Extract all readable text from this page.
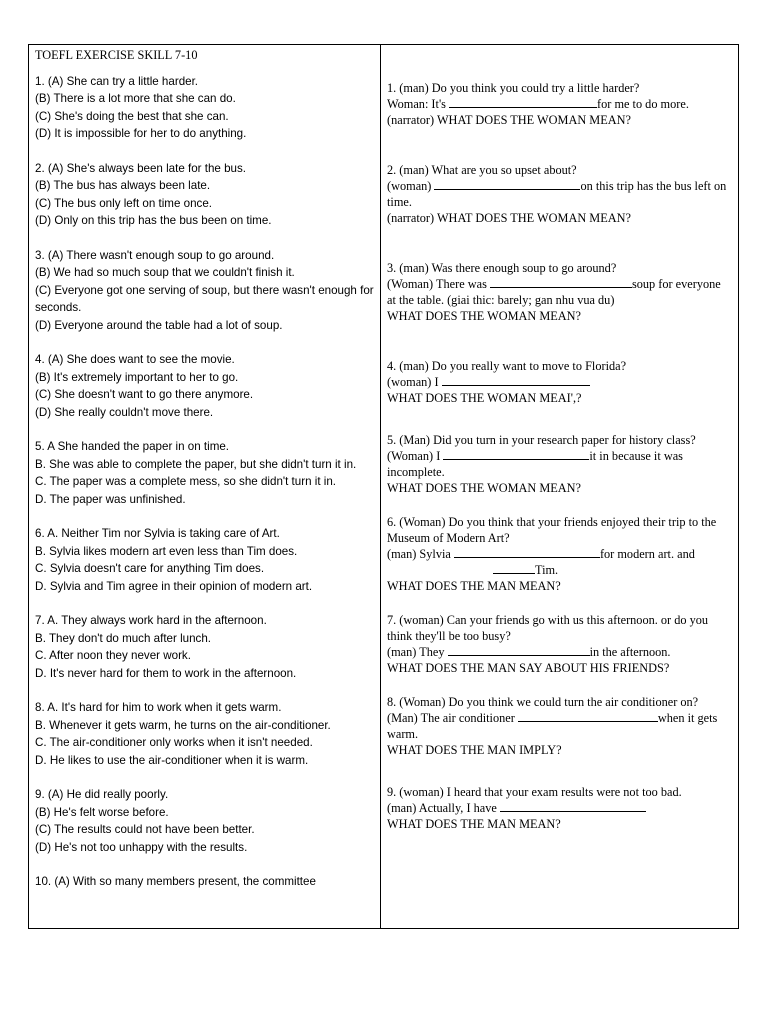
TOEFL EXERCISE SKILL 7-10
1. (A) She can try a little harder.
(B) There is a lot more that she can do.
(C) She's doing the best that she can.
(D) It is impossible for her to do anything.
2. (A) She's always been late for the bus.
(B) The bus has always been late.
(C) The bus only left on time once.
(D) Only on this trip has the bus been on time.
3. (A) There wasn't enough soup to go around.
(B) We had so much soup that we couldn't finish it.
(C) Everyone got one serving of soup, but there wasn't enough for seconds.
(D) Everyone around the table had a lot of soup.
4. (A) She does want to see the movie.
(B) It's extremely important to her to go.
(C) She doesn't want to go there anymore.
(D) She really couldn't move there.
5. A She handed the paper in on time.
B. She was able to complete the paper, but she didn't turn it in.
C. The paper was a complete mess, so she didn't turn it in.
D. The paper was unfinished.
6. A. Neither Tim nor Sylvia is taking care of Art.
B. Sylvia likes modern art even less than Tim does.
C. Sylvia doesn't care for anything Tim does.
D. Sylvia and Tim agree in their opinion of modern art.
7. A. They always work hard in the afternoon.
B. They don't do much after lunch.
C. After noon they never work.
D. It's never hard for them to work in the afternoon.
8. A. It's hard for him to work when it gets warm.
B. Whenever it gets warm, he turns on the air-conditioner.
C. The air-conditioner only works when it isn't needed.
D. He likes to use the air-conditioner when it is warm.
9. (A) He did really poorly.
(B) He's felt worse before.
(C) The results could not have been better.
(D) He's not too unhappy with the results.
10. (A) With so many members present, the committee
1. (man) Do you think you could try a little harder?
Woman: It's	for me to do more.
(narrator) WHAT DOES THE WOMAN MEAN?
2. (man) What are you so upset about?
(woman)	on this trip has the bus left on time.
(narrator) WHAT DOES THE WOMAN MEAN?
3. (man) Was there enough soup to go around?
(Woman) There was	soup for everyone at the table. (giai thic: barely; gan nhu vua du)
WHAT DOES THE WOMAN MEAN?
4. (man) Do you really want to move to Florida?
(woman) I
WHAT DOES THE WOMAN MEAI',?
5. (Man) Did you turn in your research paper for history class?
(Woman) I	it in because it was incomplete.
WHAT DOES THE WOMAN MEAN?
6. (Woman) Do you think that your friends enjoyed their trip to the Museum of Modern Art?
(man) Sylvia	for modern art. and
Tim.
WHAT DOES THE MAN MEAN?
7. (woman) Can your friends go with us this afternoon. or do you think they'll be too busy?
(man) They	in the afternoon.
WHAT DOES THE MAN SAY ABOUT HIS FRIENDS?
8. (Woman) Do you think we could turn the air conditioner on?
(Man) The air conditioner	when it gets warm.
WHAT DOES THE MAN IMPLY?
9. (woman) I heard that your exam results were not too bad.
(man) Actually, I have
WHAT DOES THE MAN MEAN?
